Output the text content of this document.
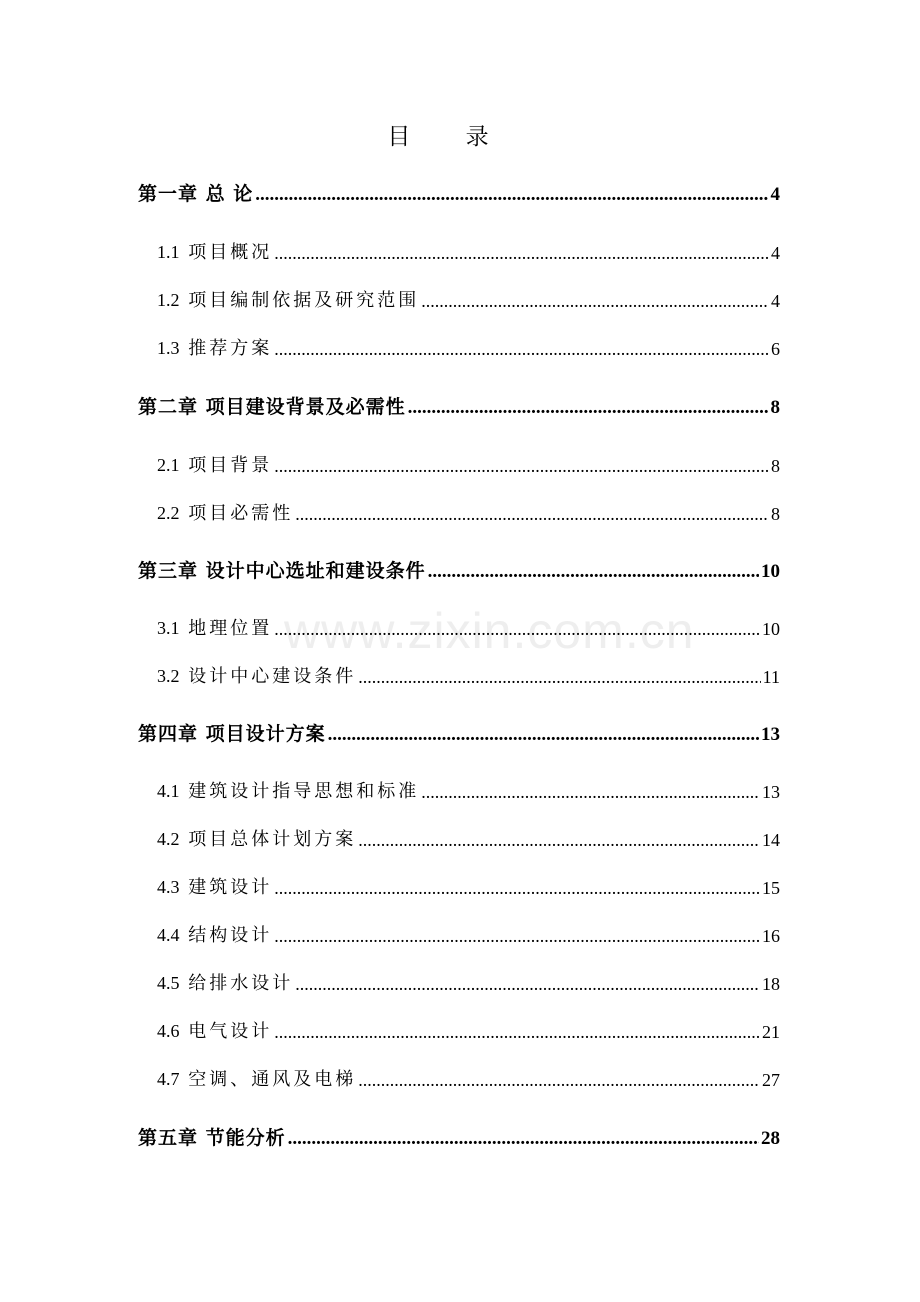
目 录
www.zixin.com.cn
第一章 总 论 .....	4
1.1 项目概况 .....	4
1.2 项目编制依据及研究范围 .....	4
1.3 推荐方案 .....	6
第二章 项目建设背景及必需性 .....	8
2.1 项目背景 .....	8
2.2 项目必需性 .....	8
第三章 设计中心选址和建设条件 .....	10
3.1 地理位置 .....	10
3.2 设计中心建设条件 .....	11
第四章 项目设计方案 .....	13
4.1 建筑设计指导思想和标准 .....	13
4.2 项目总体计划方案 .....	14
4.3 建筑设计 .....	15
4.4 结构设计 .....	16
4.5 给排水设计 .....	18
4.6 电气设计 .....	21
4.7 空调、通风及电梯 .....	27
第五章 节能分析 .....	28
